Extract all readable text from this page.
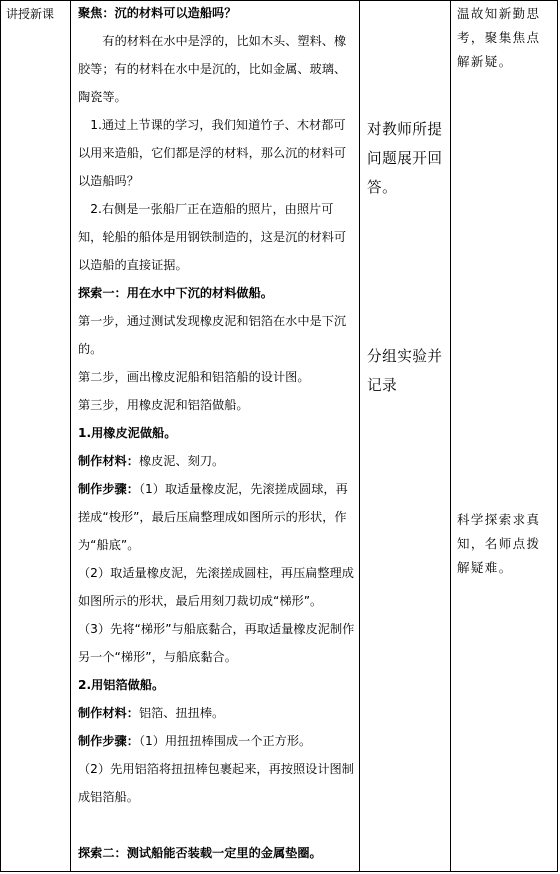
讲授新课	聚焦：沉的材料可以造船吗？

有的材料在水中是浮的，比如木头、塑料、橡胶等；有的材料在水中是沉的，比如金属、玻璃、陶瓷等。

1.通过上节课的学习，我们知道竹子、木材都可以用来造船，它们都是浮的材料，那么沉的材料可以造船吗？

2.右侧是一张船厂正在造船的照片，由照片可知，轮船的船体是用钢铁制造的，这是沉的材料可以造船的直接证据。

探索一：用在水中下沉的材料做船。

第一步，通过测试发现橡皮泥和铝箔在水中是下沉的。

第二步，画出橡皮泥船和铝箔船的设计图。

第三步，用橡皮泥和铝箔做船。

1.用橡皮泥做船。

制作材料：橡皮泥、刻刀。

制作步骤：（1）取适量橡皮泥，先滚搓成圆球，再搓成“梭形”，最后压扁整理成如图所示的形状，作为“船底”。

（2）取适量橡皮泥，先滚搓成圆柱，再压扁整理成如图所示的形状，最后用刻刀裁切成“梯形”。

（3）先将“梯形”与船底黏合，再取适量橡皮泥制作另一个“梯形”，与船底黏合。

2.用铝箔做船。

制作材料：铝箔、扭扭棒。

制作步骤：（1）用扭扭棒围成一个正方形。

（2）先用铝箔将扭扭棒包裹起来，再按照设计图制成铝箔船。

探索二：测试船能否装载一定里的金属垫圈。

对教师所提问题展开回答。

分组实验并记录

温故知新勤思考，聚集焦点解新疑。

科学探索求真知，名师点拨解疑难。
